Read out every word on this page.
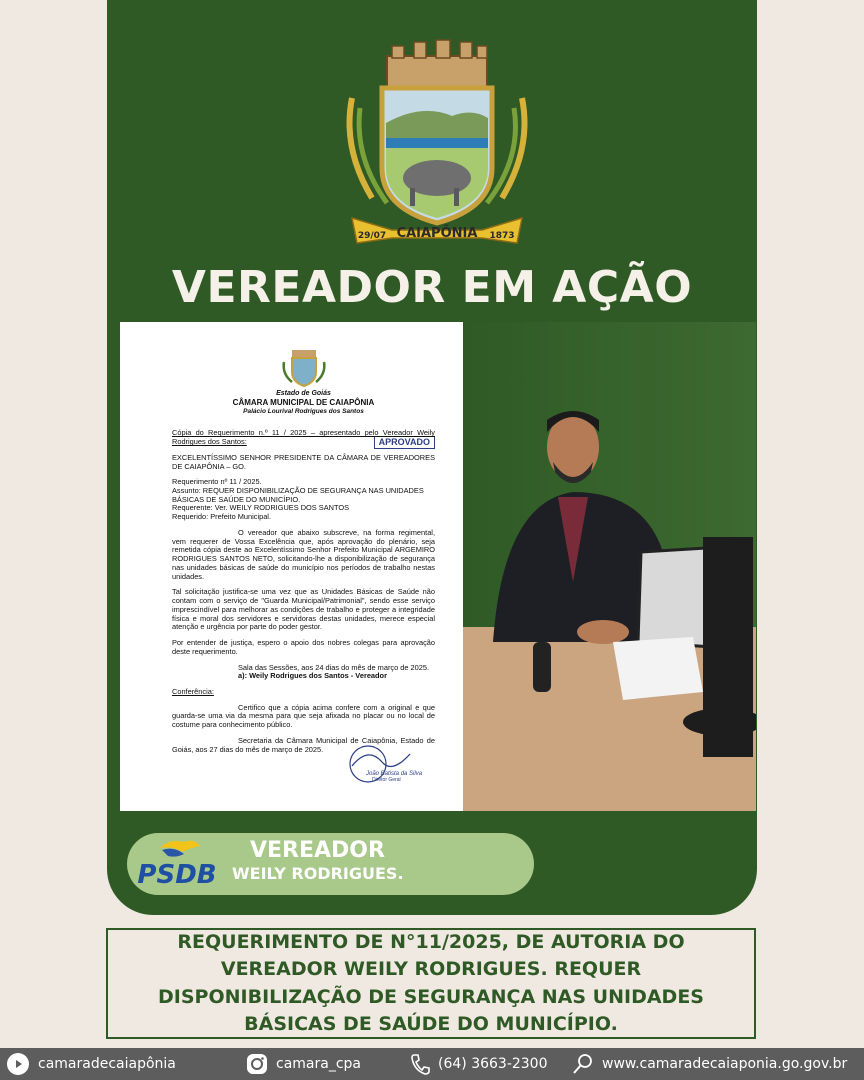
CAIAPÔNIA
29/07	1873
VEREADOR EM AÇÃO
Estado de Goiás
CÂMARA MUNICIPAL DE CAIAPÔNIA
Palácio Lourival Rodrigues dos Santos

Cópia do Requerimento n.º 11 / 2025 – apresentado pelo Vereador Weily Rodrigues dos Santos:	APROVADO

EXCELENTÍSSIMO SENHOR PRESIDENTE DA CÂMARA DE VEREADORES DE CAIAPÔNIA – GO.

Requerimento nº 11 / 2025.
Assunto: REQUER DISPONIBILIZAÇÃO DE SEGURANÇA NAS UNIDADES BÁSICAS DE SAÚDE DO MUNICÍPIO.
Requerente: Ver. WEILY RODRIGUES DOS SANTOS

Requerido: Prefeito Municipal.

O vereador que abaixo subscreve, na forma regimental, vem requerer de Vossa Excelência que, após aprovação do plenário, seja remetida cópia deste ao Excelentíssimo Senhor Prefeito Municipal ARGEMIRO RODRIGUES SANTOS NETO, solicitando-lhe a disponibilização de segurança nas unidades básicas de saúde do município nos períodos de trabalho nestas unidades.

Tal solicitação justifica-se uma vez que as Unidades Básicas de Saúde não contam com o serviço de "Guarda Municipal/Patrimonial", sendo esse serviço imprescindível para melhorar as condições de trabalho e proteger a integridade física e moral dos servidores e servidoras destas unidades, merece especial atenção e urgência por parte do poder gestor.

Por entender de justiça, espero o apoio dos nobres colegas para aprovação deste requerimento.

Sala das Sessões, aos 24 dias do mês de março de 2025.

a): Weily Rodrigues dos Santos - Vereador

Conferência:

Certifico que a cópia acima confere com a original e que guarda-se uma via da mesma para que seja afixada no placar ou no local de costume para conhecimento público.

Secretaria da Câmara Municipal de Caiapônia, Estado de Goiás, aos 27 dias do mês de março de 2025.

João Batista da Silva
Diretor Geral
PSDB
VEREADOR
WEILY RODRIGUES.
REQUERIMENTO DE N°11/2025, DE AUTORIA DO
VEREADOR WEILY RODRIGUES. REQUER
DISPONIBILIZAÇÃO DE SEGURANÇA NAS UNIDADES
BÁSICAS DE SAÚDE DO MUNICÍPIO.
camaradecaiapônia	camara_cpa	(64) 3663-2300	www.camaradecaiaponia.go.gov.br
